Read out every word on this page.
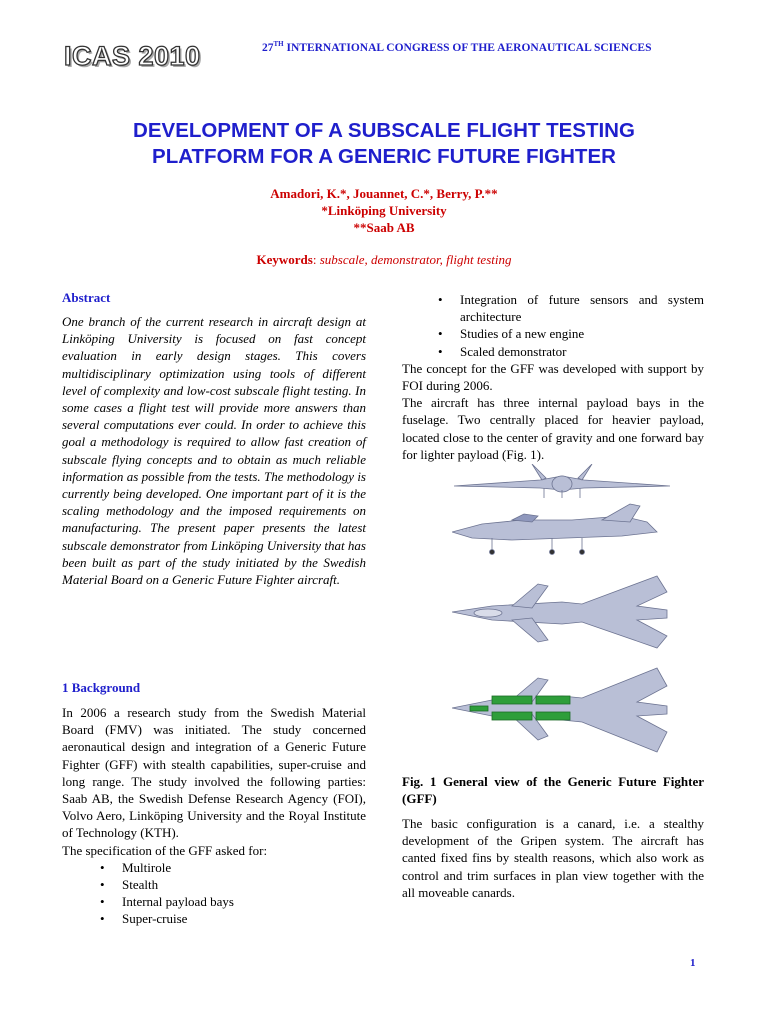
ICAS 2010	27TH INTERNATIONAL CONGRESS OF THE AERONAUTICAL SCIENCES
DEVELOPMENT OF A SUBSCALE FLIGHT TESTING
PLATFORM FOR A GENERIC FUTURE FIGHTER
Amadori, K.*, Jouannet, C.*, Berry, P.**
*Linköping University
**Saab AB
Keywords: subscale, demonstrator, flight testing
Abstract
One branch of the current research in aircraft design at Linköping University is focused on fast concept evaluation in early design stages. This covers multidisciplinary optimization using tools of different level of complexity and low-cost subscale flight testing. In some cases a flight test will provide more answers than several computations ever could. In order to achieve this goal a methodology is required to allow fast creation of subscale flying concepts and to obtain as much reliable information as possible from the tests. The methodology is currently being developed. One important part of it is the scaling methodology and the imposed requirements on manufacturing. The present paper presents the latest subscale demonstrator from Linköping University that has been built as part of the study initiated by the Swedish Material Board on a Generic Future Fighter aircraft.
1 Background
In 2006 a research study from the Swedish Material Board (FMV) was initiated. The study concerned aeronautical design and integration of a Generic Future Fighter (GFF) with stealth capabilities, super-cruise and long range. The study involved the following parties: Saab AB, the Swedish Defense Research Agency (FOI), Volvo Aero, Linköping University and the Royal Institute of Technology (KTH).
The specification of the GFF asked for:
• Multirole
• Stealth
• Internal payload bays
• Super-cruise
• Integration of future sensors and system architecture
• Studies of a new engine
• Scaled demonstrator
The concept for the GFF was developed with support by FOI during 2006.
The aircraft has three internal payload bays in the fuselage. Two centrally placed for heavier payload, located close to the center of gravity and one forward bay for lighter payload (Fig. 1).
Fig. 1 General view of the Generic Future Fighter (GFF)
The basic configuration is a canard, i.e. a stealthy development of the Gripen system. The aircraft has canted fixed fins by stealth reasons, which also work as control and trim surfaces in plan view together with the all moveable canards.
1
